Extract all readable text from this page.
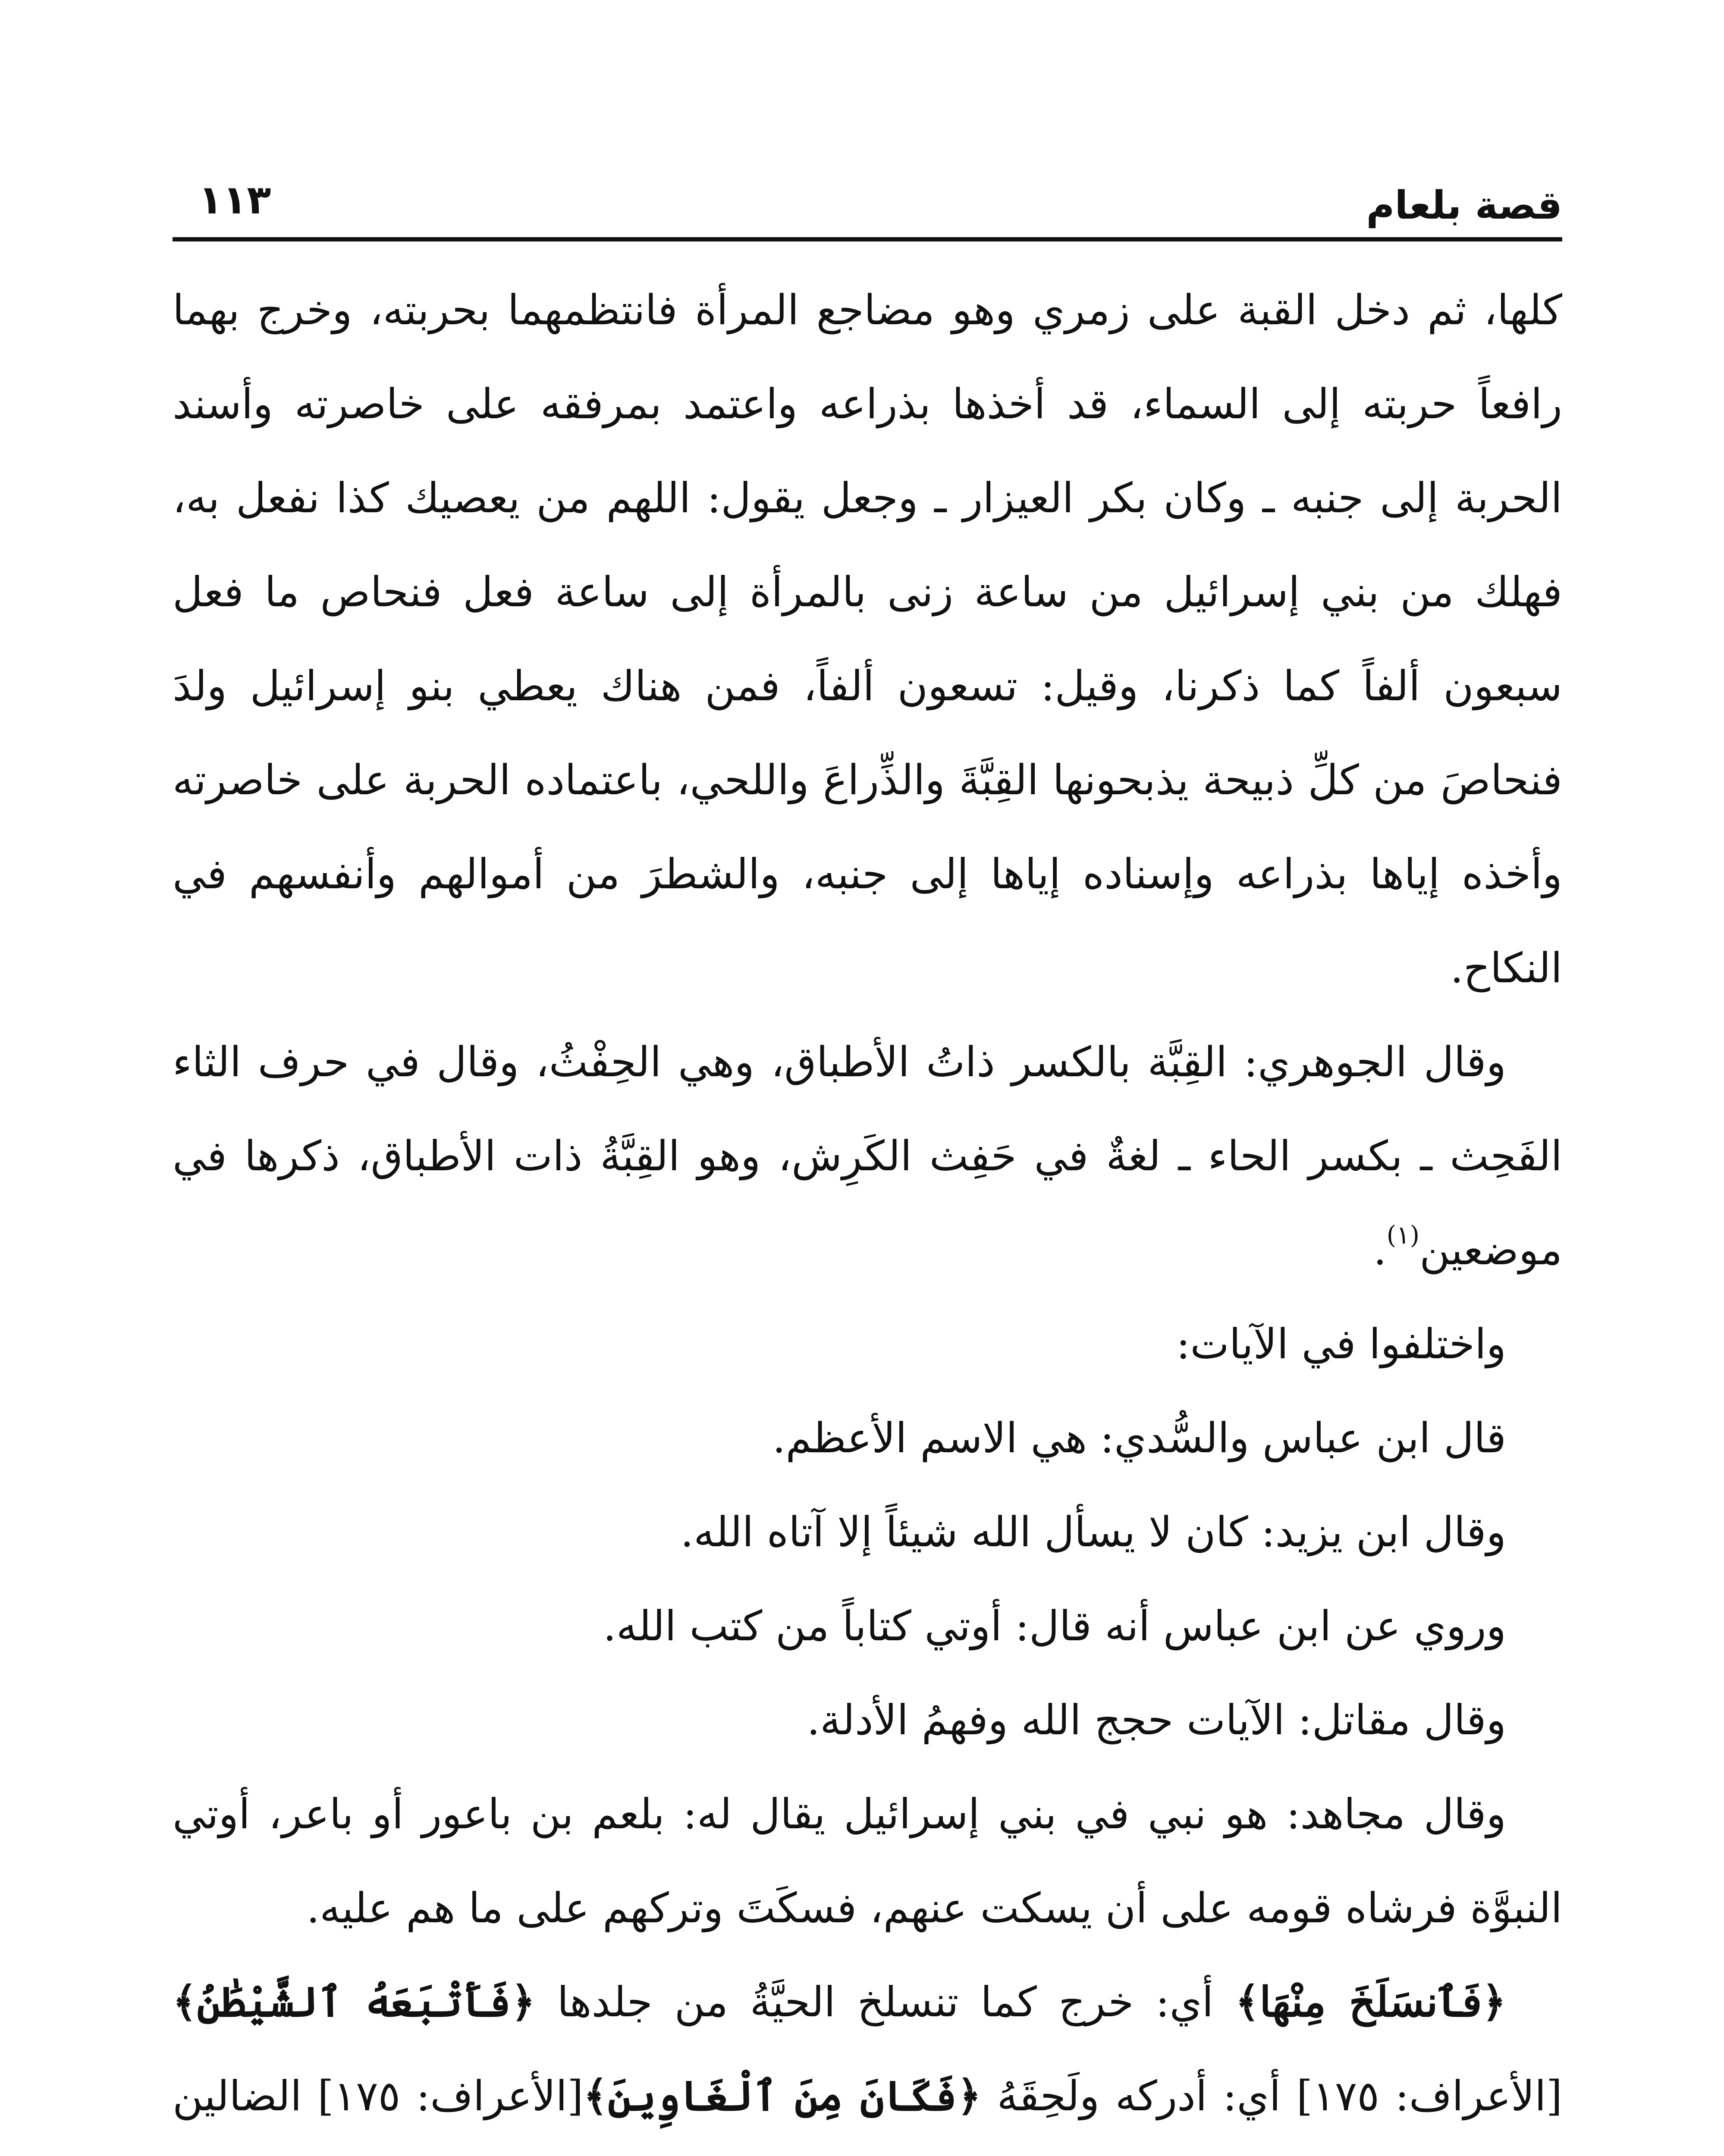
قصة بلعام
١١٣

كلها، ثم دخل القبة على زمري وهو مضاجع المرأة فانتظمهما بحربته، وخرج بهما رافعاً حربته إلى السماء، قد أخذها بذراعه واعتمد بمرفقه على خاصرته وأسند الحربة إلى جنبه ـ وكان بكر العيزار ـ وجعل يقول: اللهم من يعصيك كذا نفعل به، فهلك من بني إسرائيل من ساعة زنى بالمرأة إلى ساعة فعل فنحاص ما فعل سبعون ألفاً كما ذكرنا، وقيل: تسعون ألفاً، فمن هناك يعطي بنو إسرائيل ولدَ فنحاصَ من كلِّ ذبيحة يذبحونها القِبَّةَ والذِّراعَ واللحي، باعتماده الحربة على خاصرته وأخذه إياها بذراعه وإسناده إياها إلى جنبه، والشطرَ من أموالهم وأنفسهم في النكاح.

وقال الجوهري: القِبَّة بالكسر ذاتُ الأطباق، وهي الحِفْثُ، وقال في حرف الثاء الفَحِث ـ بكسر الحاء ـ لغةٌ في حَفِث الكَرِش، وهو القِبَّةُ ذات الأطباق، ذكرها في موضعين$^{(١)}$.

واختلفوا في الآيات:

قال ابن عباس والسُّدي: هي الاسم الأعظم.

وقال ابن يزيد: كان لا يسأل الله شيئاً إلا آتاه الله.

وروي عن ابن عباس أنه قال: أوتي كتاباً من كتب الله.

وقال مقاتل: الآيات حجج الله وفهمُ الأدلة.

وقال مجاهد: هو نبي في بني إسرائيل يقال له: بلعم بن باعور أو باعر، أوتي النبوَّة فرشاه قومه على أن يسكت عنهم، فسكَتَ وتركهم على ما هم عليه.

﴿فَٱنسَلَخَ مِنْهَا﴾ أي: خرج كما تنسلخ الحيَّةُ من جلدها ﴿فَأَتْبَعَهُ ٱلشَّيْطَٰنُ﴾ [الأعراف: ١٧٥] أي: أدركه ولَحِقَهُ ﴿فَكَانَ مِنَ ٱلْغَاوِينَ﴾[الأعراف: ١٧٥] الضالين
